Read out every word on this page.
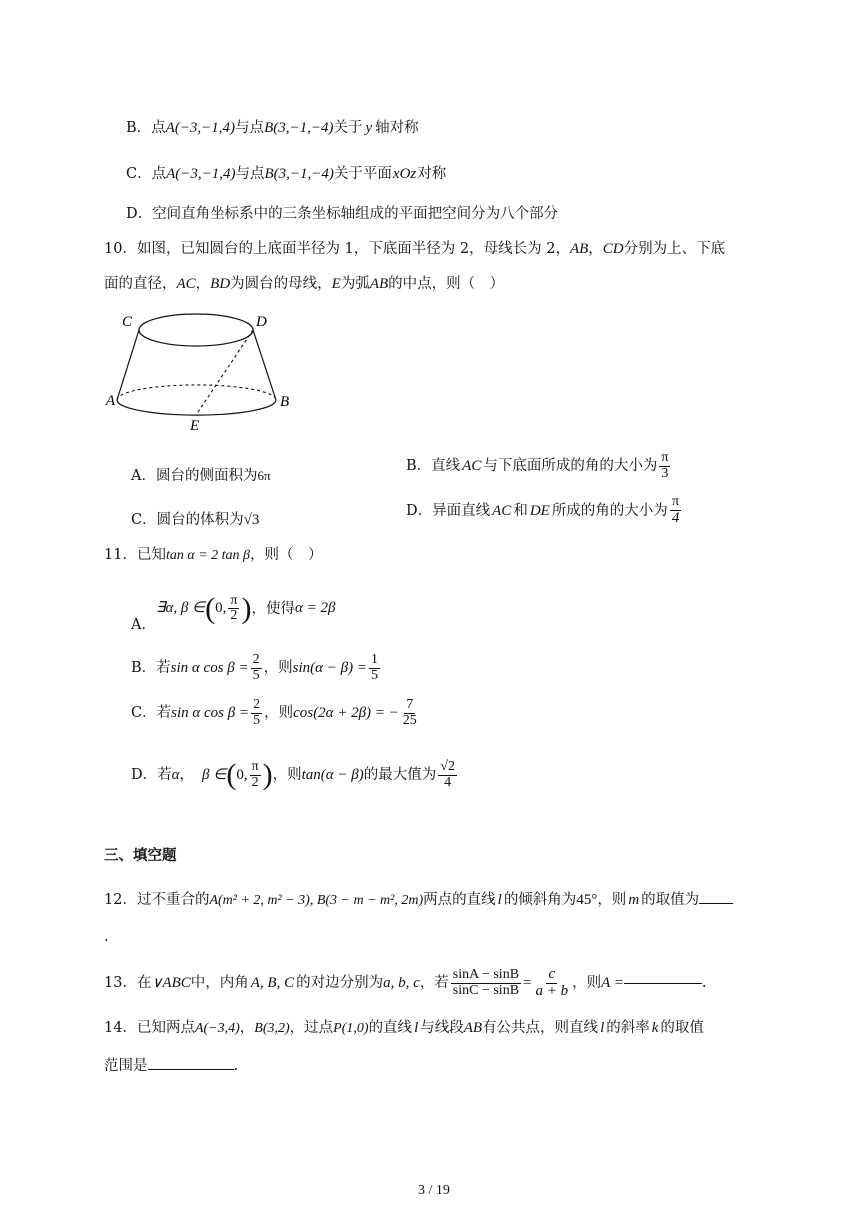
B．点A(−3,−1,4)与点B(3,−1,−4)关于 y 轴对称
C．点A(−3,−1,4)与点B(3,−1,−4)关于平面xOz对称
D．空间直角坐标系中的三条坐标轴组成的平面把空间分为八个部分
10．如图，已知圆台的上底面半径为 1，下底面半径为 2，母线长为 2，AB，CD分别为上、下底
面的直径，AC，BD为圆台的母线，E为弧AB的中点，则（　）
C	D
A	B
E
A．圆台的侧面积为6π
B．直线 AC 与下底面所成的角的大小为 $\frac{\pi}{3}$
C．圆台的体积为√3
D．异面直线 AC 和 DE 所成的角的大小为 $\frac{\pi}{4}$
11．已知tan α = 2 tan β，则（　）
A．
∃α, β ∈ ( 0, $\frac{\pi}{2}$ ) ，使得 α = 2β
B．若 sin α $\cos \beta = \frac{2}{5}$ ，则 $\sin(\alpha - \beta) = \frac{1}{5}$
C．若 sin α $\cos \beta = \frac{2}{5}$ ，则 cos(2α + 2β) = − $\frac{7}{25}$
D．若 α ， β ∈ ( 0, $\frac{\pi}{2}$ ) ，则 tan(α − β) 的最大值为 $\frac{√2}{4}$
三、填空题
12．过不重合的A(m² + 2, m² − 3), B(3 − m − m², 2m)两点的直线 l 的倾斜角为45°，则 m 的取值为
.
13．在 ∨ABC 中，内角 A, B, C 的对边分别为 a, b, c ，若 $\frac{\sin A - \sin B}{\sin C - \sin B} = \frac{c}{a + b}$ ，则 A =	.
14．已知两点A(−3,4)，B(3,2)，过点P(1,0)的直线 l 与线段AB有公共点，则直线 l 的斜率 k 的取值
范围是	.
3 / 19
